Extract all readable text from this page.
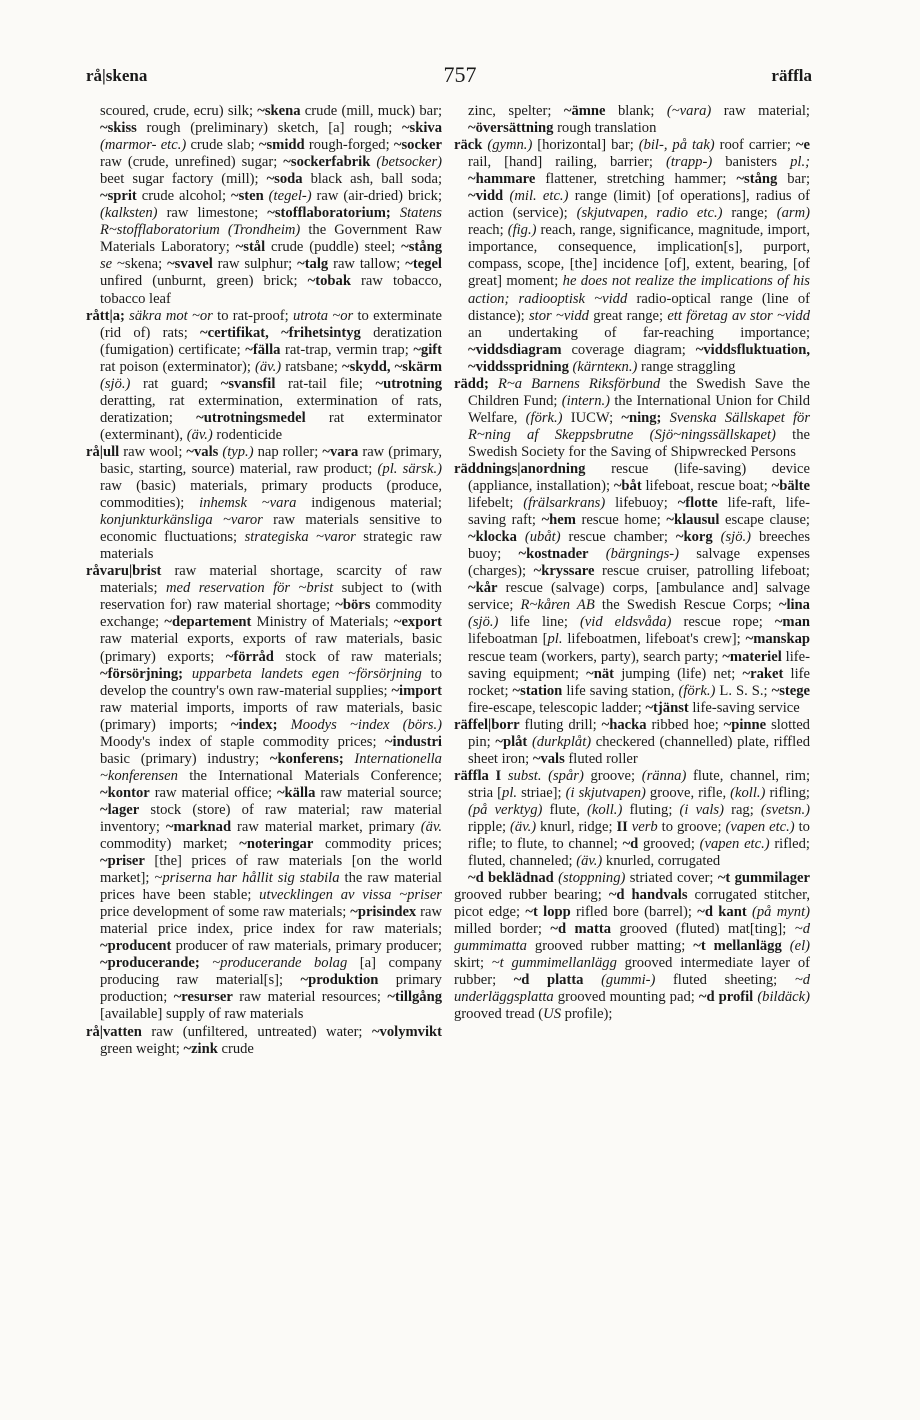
rå|skena	757	räffla

scoured, crude, ecru) silk; ~skena crude (mill, muck) bar; ~skiss rough (preliminary) sketch, [a] rough; ~skiva (marmor- etc.) crude slab; ~smidd rough-forged; ~socker raw (crude, unrefined) sugar; ~sockerfabrik (betsocker) beet sugar factory (mill); ~soda black ash, ball soda; ~sprit crude alcohol; ~sten (tegel-) raw (air-dried) brick; (kalksten) raw limestone; ~stofflaboratorium; Statens R~stofflaboratorium (Trondheim) the Government Raw Materials Laboratory; ~stål crude (puddle) steel; ~stång se ~skena; ~svavel raw sulphur; ~talg raw tallow; ~tegel unfired (unburnt, green) brick; ~tobak raw tobacco, tobacco leaf

rått|a; säkra mot ~or to rat-proof; utrota ~or to exterminate (rid of) rats; ~certifikat, ~frihetsintyg deratization (fumigation) certificate; ~fälla rat-trap, vermin trap; ~gift rat poison (exterminator); (äv.) ratsbane; ~skydd, ~skärm (sjö.) rat guard; ~svansfil rat-tail file; ~utrotning deratting, rat extermination, extermination of rats, deratization; ~utrotningsmedel rat exterminator (exterminant), (äv.) rodenticide

rå|ull raw wool; ~vals (typ.) nap roller; ~vara raw (primary, basic, starting, source) material, raw product; (pl. särsk.) raw (basic) materials, primary products (produce, commodities); inhemsk ~vara indigenous material; konjunkturkänsliga ~varor raw materials sensitive to economic fluctuations; strategiska ~varor strategic raw materials

råvaru|brist raw material shortage, scarcity of raw materials; med reservation för ~brist subject to (with reservation for) raw material shortage; ~börs commodity exchange; ~departement Ministry of Materials; ~export raw material exports, exports of raw materials, basic (primary) exports; ~förråd stock of raw materials; ~försörjning; upparbeta landets egen ~försörjning to develop the country's own raw-material supplies; ~import raw material imports, imports of raw materials, basic (primary) imports; ~index; Moodys ~index (börs.) Moody's index of staple commodity prices; ~industri basic (primary) industry; ~konferens; Internationella ~konferensen the International Materials Conference; ~kontor raw material office; ~källa raw material source; ~lager stock (store) of raw material; raw material inventory; ~marknad raw material market, primary (äv. commodity) market; ~noteringar commodity prices; ~priser [the] prices of raw materials [on the world market]; ~priserna har hållit sig stabila the raw material prices have been stable; utvecklingen av vissa ~priser price development of some raw materials; ~prisindex raw material price index, price index for raw materials; ~producent producer of raw materials, primary producer; ~producerande; ~producerande bolag [a] company producing raw material[s]; ~produktion primary production; ~resurser raw material resources; ~tillgång [available] supply of raw materials

rå|vatten raw (unfiltered, untreated) water; ~volymvikt green weight; ~zink crude

zinc, spelter; ~ämne blank; (~vara) raw material; ~översättning rough translation

räck (gymn.) [horizontal] bar; (bil-, på tak) roof carrier; ~e rail, [hand] railing, barrier; (trapp-) banisters pl.; ~hammare flattener, stretching hammer; ~stång bar; ~vidd (mil. etc.) range (limit) [of operations], radius of action (service); (skjutvapen, radio etc.) range; (arm) reach; (fig.) reach, range, significance, magnitude, import, importance, consequence, implication[s], purport, compass, scope, [the] incidence [of], extent, bearing, [of great] moment; he does not realize the implications of his action; radiooptisk ~vidd radio-optical range (line of distance); stor ~vidd great range; ett företag av stor ~vidd an undertaking of far-reaching importance; ~viddsdiagram coverage diagram; ~viddsfluktuation, ~viddsspridning (kärnteкn.) range straggling

rädd; R~a Barnens Riksförbund the Swedish Save the Children Fund; (intern.) the International Union for Child Welfare, (förk.) IUCW; ~ning; Svenska Sällskapet för R~ning af Skeppsbrutne (Sjö~ningssällskapet) the Swedish Society for the Saving of Shipwrecked Persons

räddnings|anordning rescue (life-saving) device (appliance, installation); ~båt lifeboat, rescue boat; ~bälte lifebelt; (frälsarkrans) lifebuoy; ~flotte life-raft, life-saving raft; ~hem rescue home; ~klausul escape clause; ~klocka (ubåt) rescue chamber; ~korg (sjö.) breeches buoy; ~kostnader (bärgnings-) salvage expenses (charges); ~kryssare rescue cruiser, patrolling lifeboat; ~kår rescue (salvage) corps, [ambulance and] salvage service; R~kåren AB the Swedish Rescue Corps; ~lina (sjö.) life line; (vid eldsvåda) rescue rope; ~man lifeboatman [pl. lifeboatmen, lifeboat's crew]; ~manskap rescue team (workers, party), search party; ~materiel life-saving equipment; ~nät jumping (life) net; ~raket life rocket; ~station life saving station, (förk.) L. S. S.; ~stege fire-escape, telescopic ladder; ~tjänst life-saving service

räffel|borr fluting drill; ~hacka ribbed hoe; ~pinne slotted pin; ~plåt (durkplåt) checkered (channelled) plate, riffled sheet iron; ~vals fluted roller

räffla I subst. (spår) groove; (ränna) flute, channel, rim; stria [pl. striae]; (i skjutvapen) groove, rifle, (koll.) rifling; (på verktyg) flute, (koll.) fluting; (i vals) rag; (svetsn.) ripple; (äv.) knurl, ridge; II verb to groove; (vapen etc.) to rifle; to flute, to channel; ~d grooved; (vapen etc.) rifled; fluted, channeled; (äv.) knurled, corrugated

~d beklädnad (stoppning) striated cover; ~t gummilager grooved rubber bearing; ~d handvals corrugated stitcher, picot edge; ~t lopp rifled bore (barrel); ~d kant (på mynt) milled border; ~d matta grooved (fluted) mat[ting]; ~d gummimatta grooved rubber matting; ~t mellanlägg (el) skirt; ~t gummimellanlägg grooved intermediate layer of rubber; ~d platta (gummi-) fluted sheeting; ~d underläggsplatta grooved mounting pad; ~d profil (bildäck) grooved tread (US profile);
